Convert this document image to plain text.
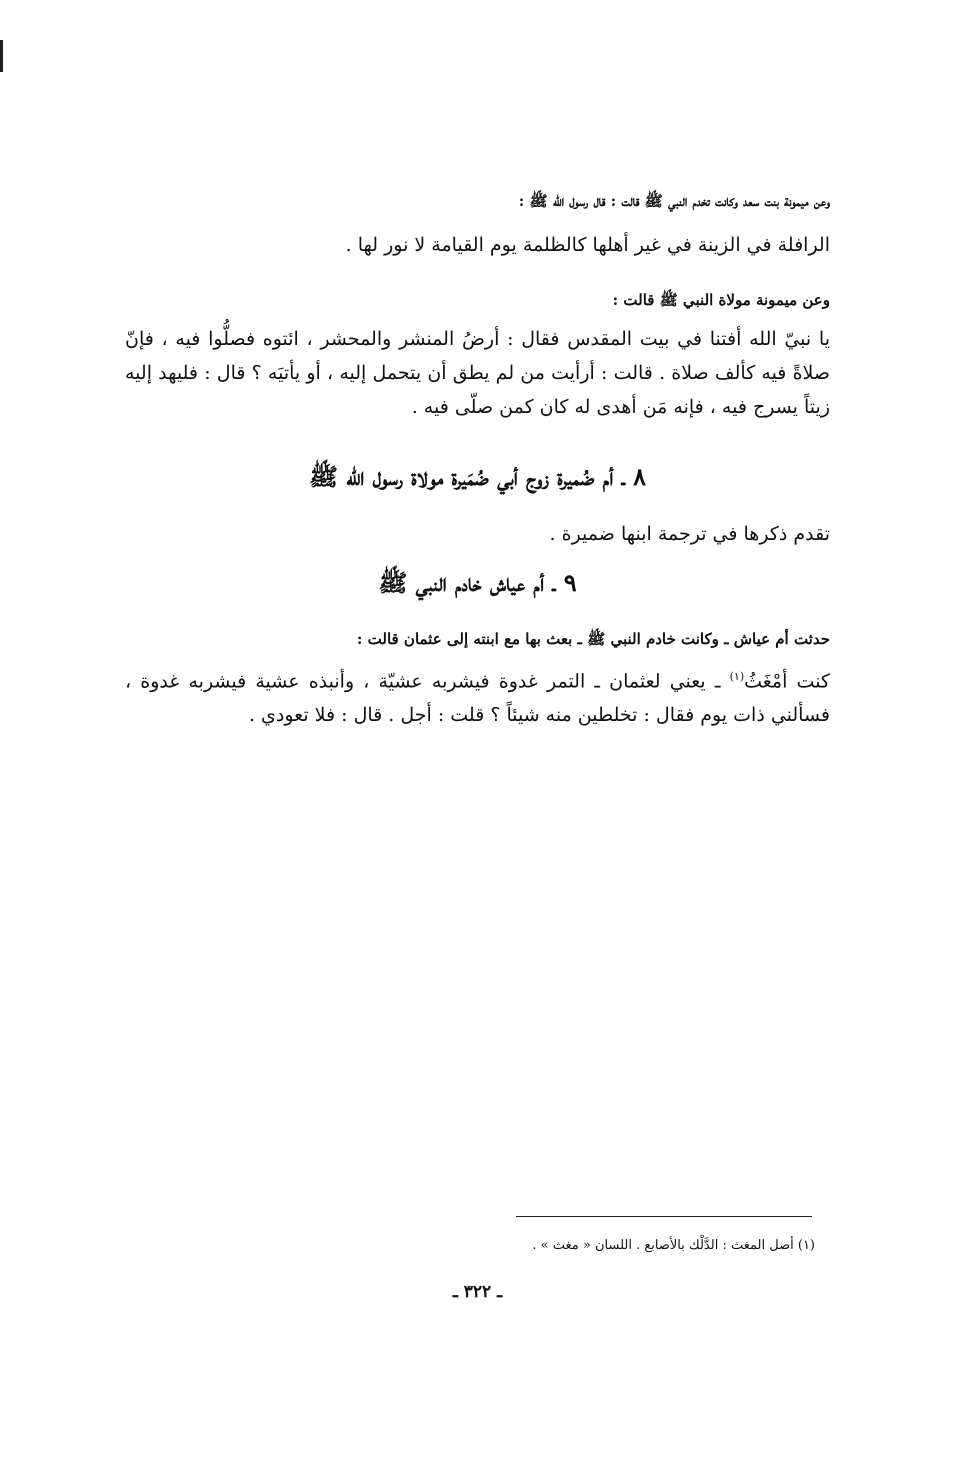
وعن ميمونة بنت سعد وكانت تخدم النبي ﷺ قالت : قال رسول الله ﷺ :
الرافلة في الزينة في غير أهلها كالظلمة يوم القيامة لا نور لها .
وعن ميمونة مولاة النبي ﷺ قالت :
يا نبيّ الله أفتنا في بيت المقدس فقال : أرضُ المنشر والمحشر ، ائتوه فصلُّوا فيه ، فإنّ صلاةً فيه كألف صلاة . قالت : أرأيت من لم يطق أن يتحمل إليه ، أو يأتيَه ؟ قال : فليهد إليه زيتاً يسرج فيه ، فإنه مَن أهدى له كان كمن صلّى فيه .
٨ ـ أم ضُميرة زوج أبي ضُمَيرة مولاة رسول الله ﷺ
تقدم ذكرها في ترجمة ابنها ضميرة .
٩ ـ أم عياش خادم النبي ﷺ
حدثت أم عياش ـ وكانت خادم النبي ﷺ ـ بعث بها مع ابنته إلى عثمان قالت :
كنت أمْغَثُ$^{(١)}$ ـ يعني لعثمان ـ التمر غدوة فيشربه عشيّة ، وأنبذه عشية فيشربه غدوة ، فسألني ذات يوم فقال : تخلطين منه شيئاً ؟ قلت : أجل . قال : فلا تعودي .
(١) أصل المغث : الدَّلْك بالأصابع . اللسان « مغث » .
ـ ٣٢٢ ـ
